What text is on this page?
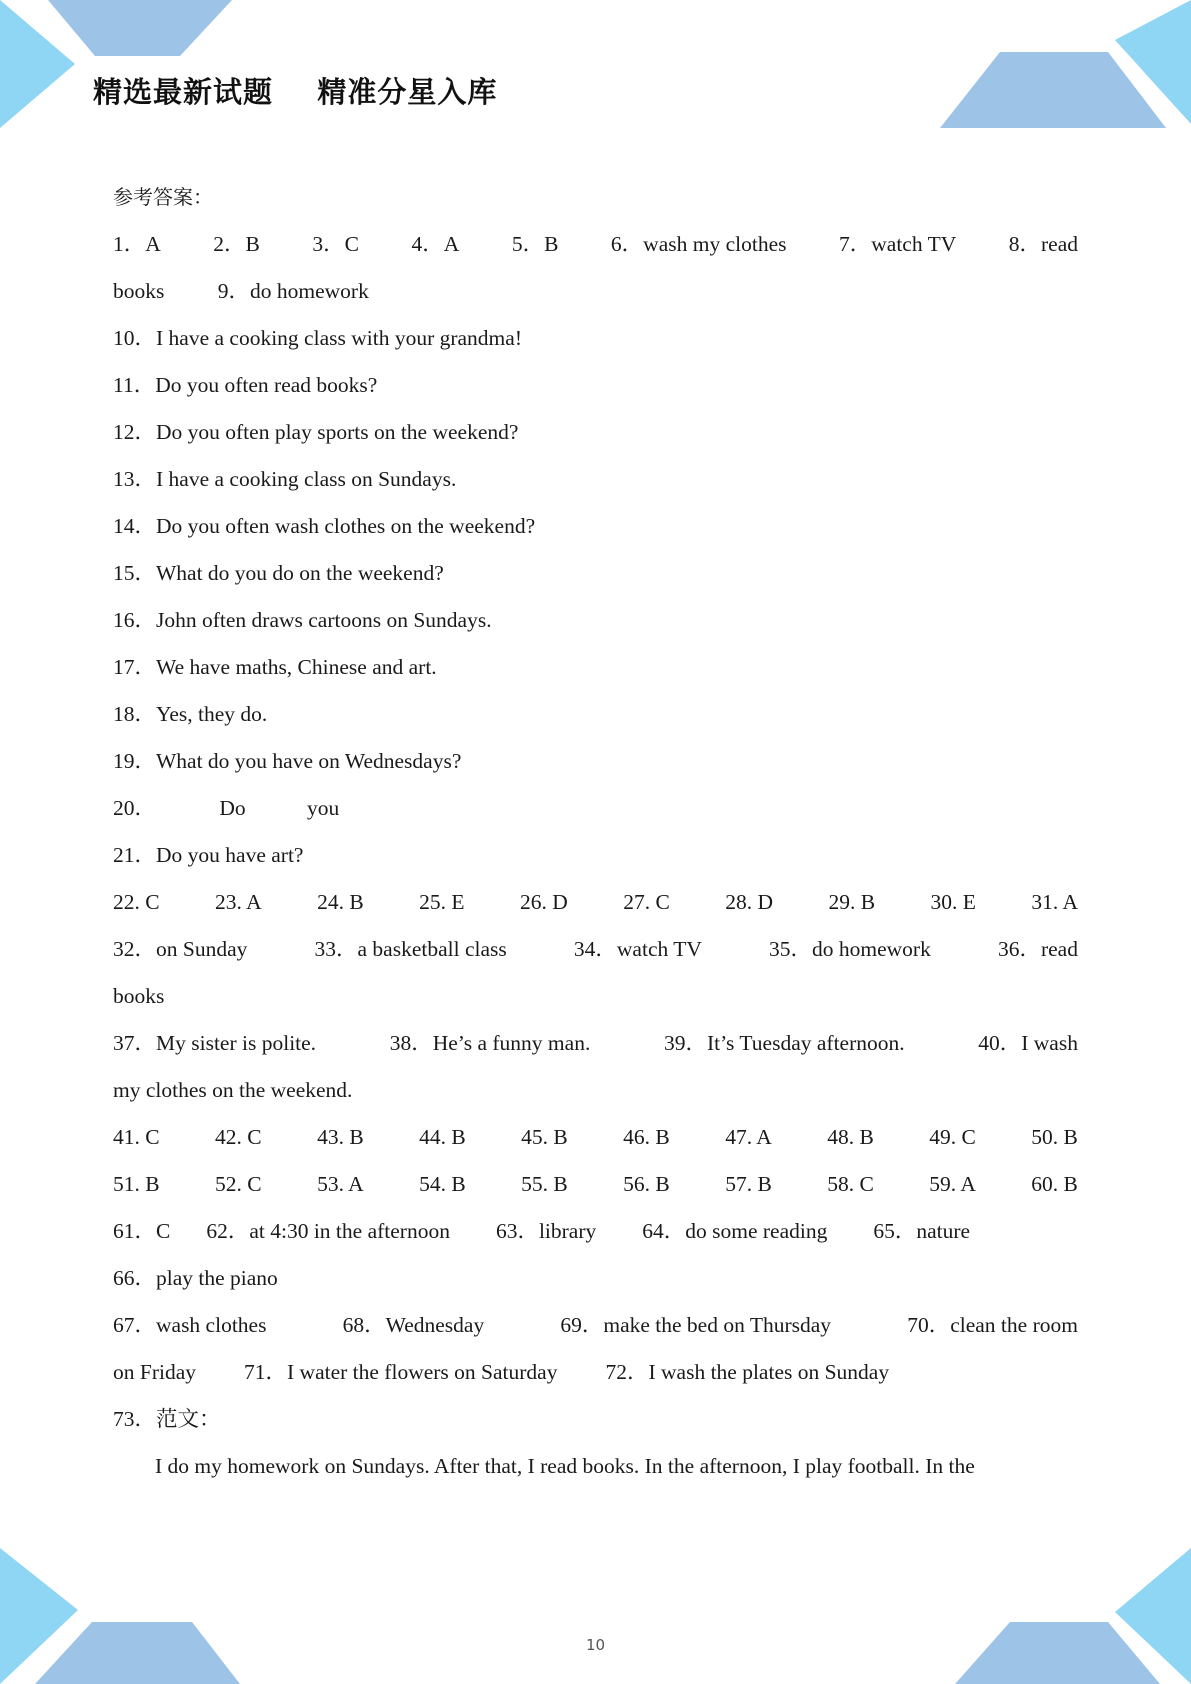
精选最新试题    精准分星入库
参考答案：
1．A 2．B 3．C 4．A 5．B 6．wash my clothes 7．watch TV 8．read
books 9．do homework
10．I have a cooking class with your grandma!
11．Do you often read books?
12．Do you often play sports on the weekend?
13．I have a cooking class on Sundays.
14．Do you often wash clothes on the weekend?
15．What do you do on the weekend?
16．John often draws cartoons on Sundays.
17．We have maths, Chinese and art.
18．Yes, they do.
19．What do you have on Wednesdays?
20．	Do	you
21．Do you have art?
22. C	23. A	24. B	25. E	26. D	27. C	28. D	29. B	30. E	31. A
32．on Sunday	33．a basketball class	34．watch TV	35．do homework	36．read
books
37．My sister is polite.	38．He’s a funny man.	39．It’s Tuesday afternoon.	40．I wash
my clothes on the weekend.
41. C	42. C	43. B	44. B	45. B	46. B	47. A	48. B	49. C	50. B
51. B	52. C	53. A	54. B	55. B	56. B	57. B	58. C	59. A	60. B
61．C 62．at 4:30 in the afternoon 63．library 64．do some reading 65．nature
66．play the piano
67．wash clothes	68．Wednesday	69．make the bed on Thursday	70．clean the room
on Friday 71．I water the flowers on Saturday 72．I wash the plates on Sunday
73．范文：
I do my homework on Sundays. After that, I read books. In the afternoon, I play football. In the
10
